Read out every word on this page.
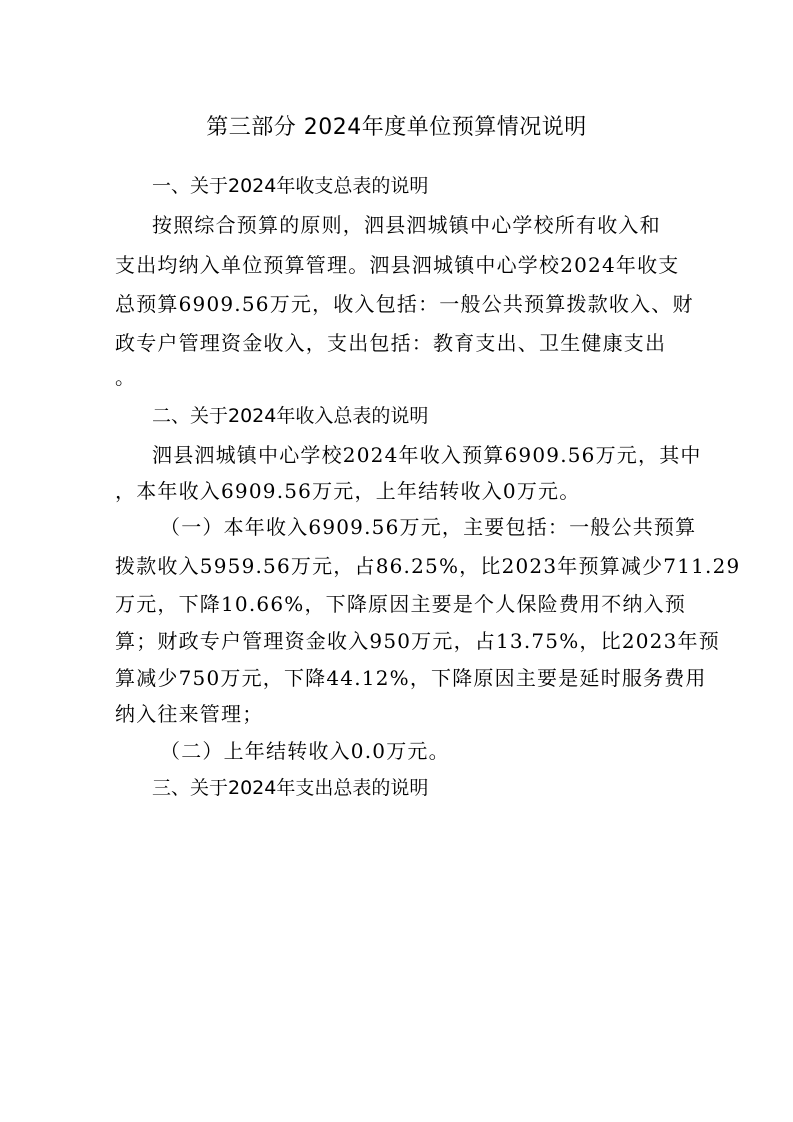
第三部分 2024年度单位预算情况说明
一、关于2024年收支总表的说明
按照综合预算的原则，泗县泗城镇中心学校所有收入和
支出均纳入单位预算管理。泗县泗城镇中心学校2024年收支
总预算6909.56万元，收入包括：一般公共预算拨款收入、财
政专户管理资金收入，支出包括：教育支出、卫生健康支出
。
二、关于2024年收入总表的说明
泗县泗城镇中心学校2024年收入预算6909.56万元，其中
，本年收入6909.56万元，上年结转收入0万元。
（一）本年收入6909.56万元，主要包括：一般公共预算
拨款收入5959.56万元，占86.25%，比2023年预算减少711.29
万元，下降10.66%，下降原因主要是个人保险费用不纳入预
算；财政专户管理资金收入950万元，占13.75%，比2023年预
算减少750万元，下降44.12%，下降原因主要是延时服务费用
纳入往来管理；
（二）上年结转收入0.0万元。
三、关于2024年支出总表的说明
